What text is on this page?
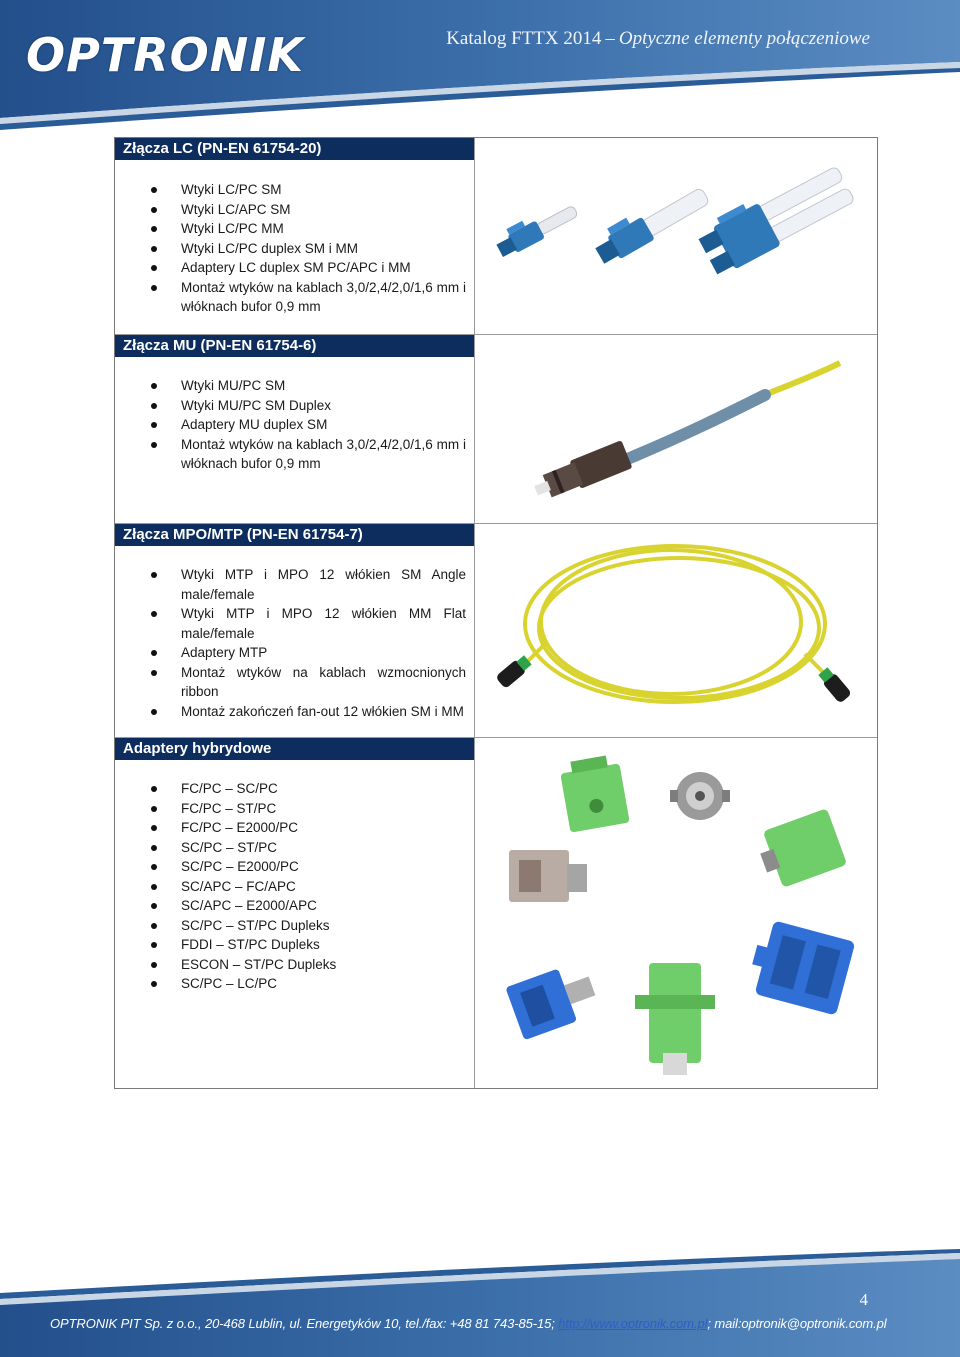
OPTRONIK	Katalog FTTX 2014 – Optyczne elementy połączeniowe
Złącza LC (PN-EN 61754-20)
Wtyki LC/PC SM
Wtyki LC/APC SM
Wtyki LC/PC MM
Wtyki LC/PC duplex SM i MM
Adaptery LC duplex SM PC/APC i MM
Montaż wtyków na kablach 3,0/2,4/2,0/1,6 mm i włóknach bufor 0,9 mm
Złącza MU (PN-EN 61754-6)
Wtyki MU/PC SM
Wtyki MU/PC SM Duplex
Adaptery MU duplex SM
Montaż wtyków na kablach 3,0/2,4/2,0/1,6 mm i włóknach bufor 0,9 mm
Złącza MPO/MTP (PN-EN 61754-7)
Wtyki MTP i MPO 12 włókien SM Angle male/female
Wtyki MTP i MPO 12 włókien MM Flat male/female
Adaptery MTP
Montaż wtyków na kablach wzmocnionych ribbon
Montaż zakończeń fan-out 12 włókien SM i MM
Adaptery hybrydowe
FC/PC – SC/PC
FC/PC – ST/PC
FC/PC – E2000/PC
SC/PC – ST/PC
SC/PC – E2000/PC
SC/APC – FC/APC
SC/APC – E2000/APC
SC/PC – ST/PC Dupleks
FDDI – ST/PC Dupleks
ESCON – ST/PC Dupleks
SC/PC – LC/PC
4
OPTRONIK PIT Sp. z o.o., 20-468 Lublin, ul. Energetyków 10, tel./fax: +48 81 743-85-15; http://www.optronik.com.pl; mail:optronik@optronik.com.pl
